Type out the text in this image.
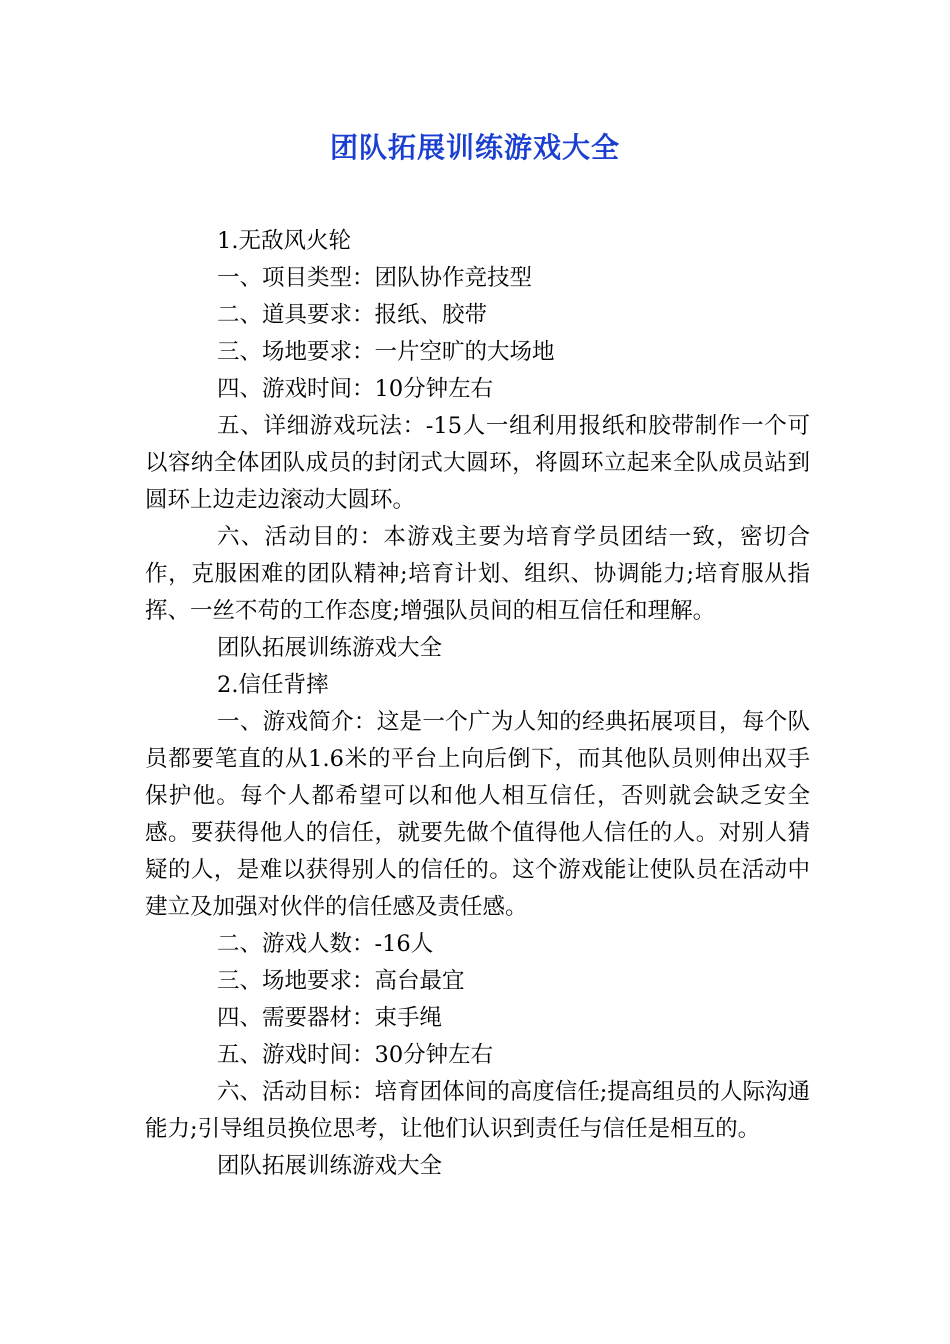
团队拓展训练游戏大全

1.无敌风火轮

一、项目类型：团队协作竞技型

二、道具要求：报纸、胶带

三、场地要求：一片空旷的大场地

四、游戏时间：10分钟左右

五、详细游戏玩法：-15人一组利用报纸和胶带制作一个可以容纳全体团队成员的封闭式大圆环，将圆环立起来全队成员站到圆环上边走边滚动大圆环。

六、活动目的：本游戏主要为培育学员团结一致，密切合作，克服困难的团队精神;培育计划、组织、协调能力;培育服从指挥、一丝不苟的工作态度;增强队员间的相互信任和理解。

团队拓展训练游戏大全

2.信任背摔

一、游戏简介：这是一个广为人知的经典拓展项目，每个队员都要笔直的从1.6米的平台上向后倒下，而其他队员则伸出双手保护他。每个人都希望可以和他人相互信任，否则就会缺乏安全感。要获得他人的信任，就要先做个值得他人信任的人。对别人猜疑的人，是难以获得别人的信任的。这个游戏能让使队员在活动中建立及加强对伙伴的信任感及责任感。

二、游戏人数：-16人

三、场地要求：高台最宜

四、需要器材：束手绳

五、游戏时间：30分钟左右

六、活动目标：培育团体间的高度信任;提高组员的人际沟通能力;引导组员换位思考，让他们认识到责任与信任是相互的。

团队拓展训练游戏大全
